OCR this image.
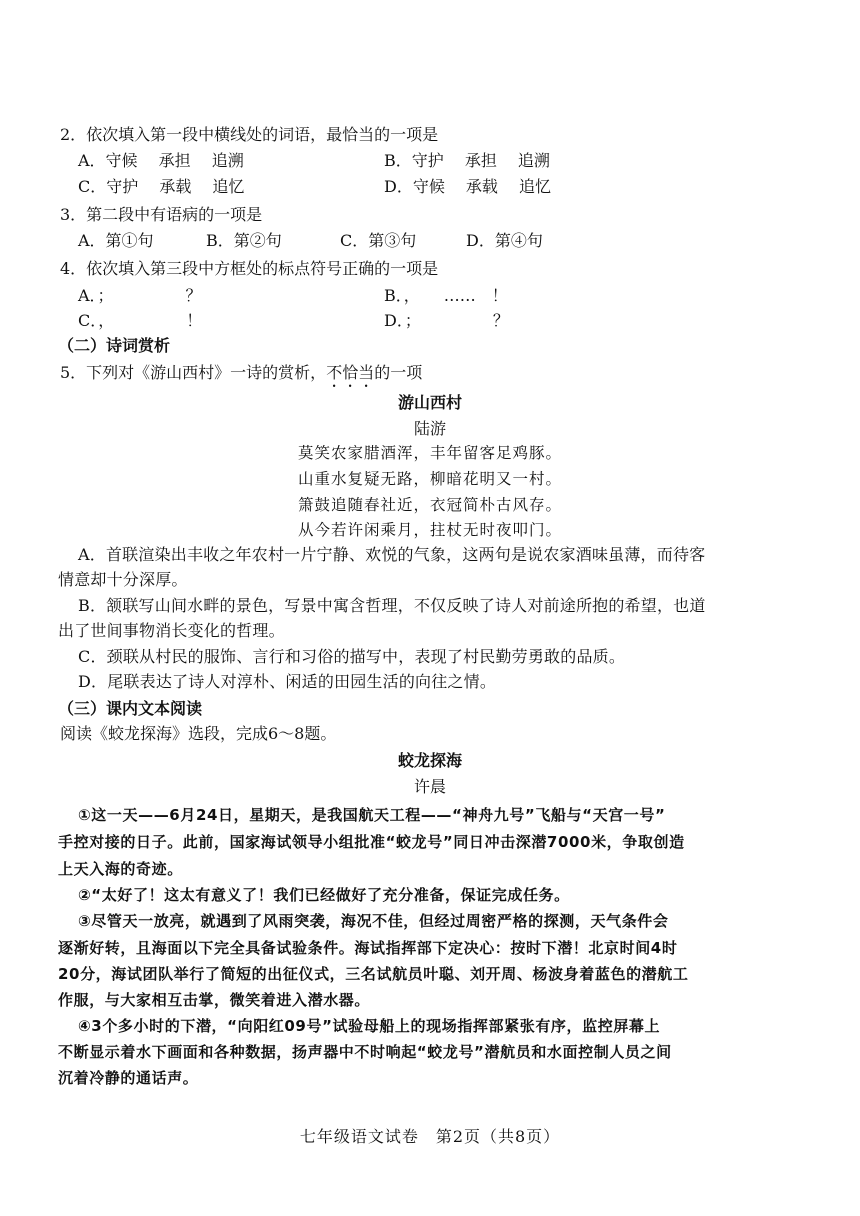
2．依次填入第一段中横线处的词语，最恰当的一项是
A．守候　 承担　 追溯	B．守护　 承担　 追溯
C．守护　 承载　 追忆	D．守候　 承载　 追忆
3．第二段中有语病的一项是
A．第①句	B．第②句	C．第③句	D．第④句
4．依次填入第三段中方框处的标点符号正确的一项是
A．；　　　　　？	B．，　　……　！
C．，　　　　　！	D．；　　　　　？
（二）诗词赏析
5．下列对《游山西村》一诗的赏析，不恰当的一项
游山西村
陆游
莫笑农家腊酒浑，丰年留客足鸡豚。
山重水复疑无路，柳暗花明又一村。
箫鼓追随春社近，衣冠简朴古风存。
从今若许闲乘月，拄杖无时夜叩门。
A．首联渲染出丰收之年农村一片宁静、欢悦的气象，这两句是说农家酒味虽薄，而待客
情意却十分深厚。
B．颔联写山间水畔的景色，写景中寓含哲理，不仅反映了诗人对前途所抱的希望，也道
出了世间事物消长变化的哲理。
C．颈联从村民的服饰、言行和习俗的描写中，表现了村民勤劳勇敢的品质。
D．尾联表达了诗人对淳朴、闲适的田园生活的向往之情。
（三）课内文本阅读
阅读《蛟龙探海》选段，完成6～8题。
蛟龙探海
许晨
①这一天——6月24日，星期天，是我国航天工程——“神舟九号”飞船与“天宫一号”
手控对接的日子。此前，国家海试领导小组批准“蛟龙号”同日冲击深潜7000米，争取创造
上天入海的奇迹。
②“太好了！这太有意义了！我们已经做好了充分准备，保证完成任务。
③尽管天一放亮，就遇到了风雨突袭，海况不佳，但经过周密严格的探测，天气条件会
逐渐好转，且海面以下完全具备试验条件。海试指挥部下定决心：按时下潜！北京时间4时
20分，海试团队举行了简短的出征仪式，三名试航员叶聪、刘开周、杨波身着蓝色的潜航工
作服，与大家相互击掌，微笑着进入潜水器。
④3个多小时的下潜，“向阳红09号”试验母船上的现场指挥部紧张有序，监控屏幕上
不断显示着水下画面和各种数据，扬声器中不时响起“蛟龙号”潜航员和水面控制人员之间
沉着冷静的通话声。
七年级语文试卷　第2页（共8页）
